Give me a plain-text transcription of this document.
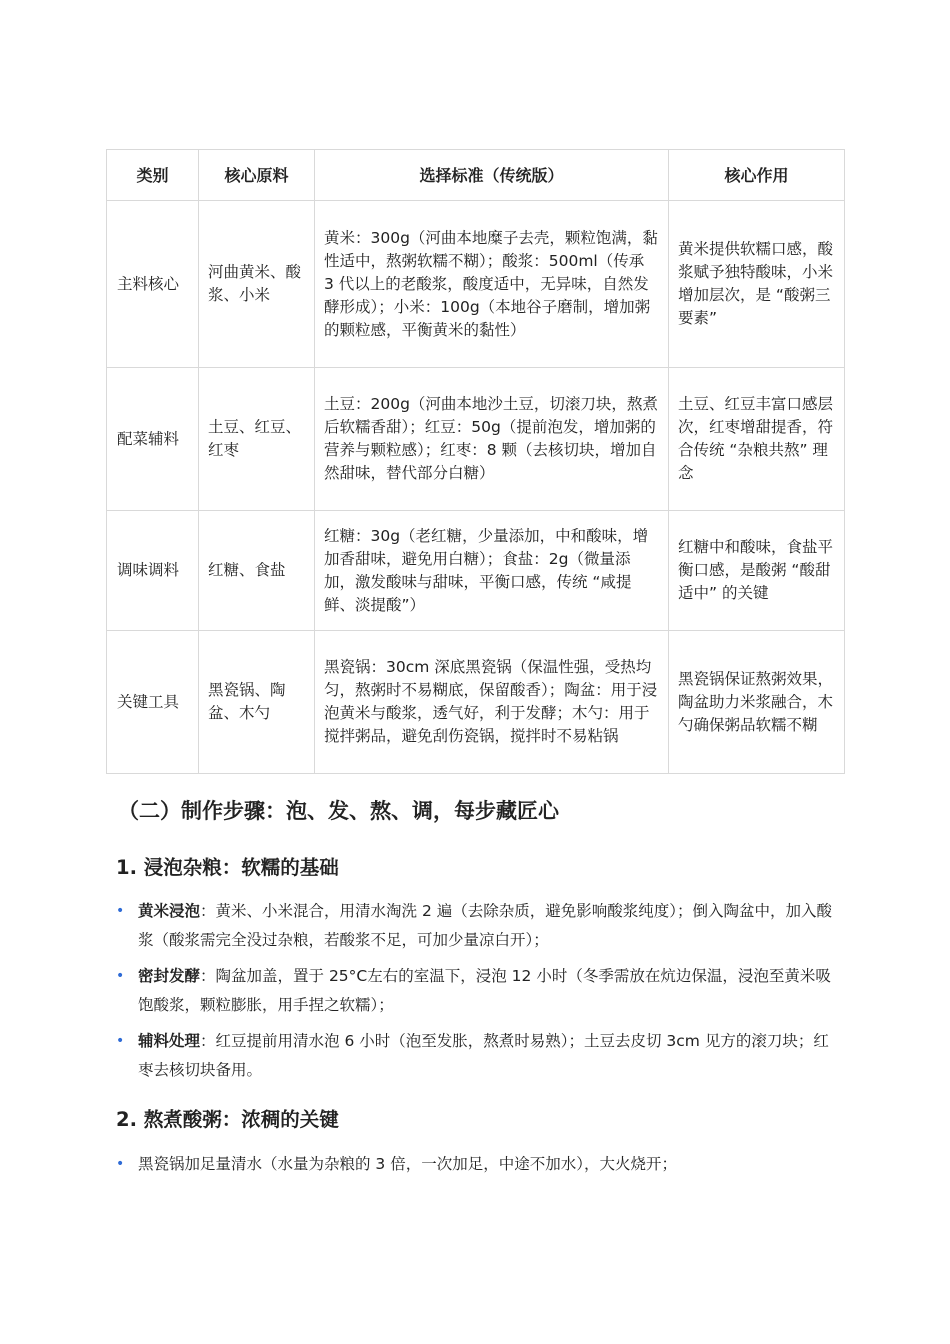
类别	核心原料	选择标准（传统版）	核心作用
主料核心	河曲黄米、酸浆、小米	黄米：300g（河曲本地糜子去壳，颗粒饱满，黏性适中，熬粥软糯不糊）；酸浆：500ml（传承 3 代以上的老酸浆，酸度适中，无异味，自然发酵形成）；小米：100g（本地谷子磨制，增加粥的颗粒感，平衡黄米的黏性）	黄米提供软糯口感，酸浆赋予独特酸味，小米增加层次，是 “酸粥三要素”
配菜辅料	土豆、红豆、红枣	土豆：200g（河曲本地沙土豆，切滚刀块，熬煮后软糯香甜）；红豆：50g（提前泡发，增加粥的营养与颗粒感）；红枣：8 颗（去核切块，增加自然甜味，替代部分白糖）	土豆、红豆丰富口感层次，红枣增甜提香，符合传统 “杂粮共熬” 理念
调味调料	红糖、食盐	红糖：30g（老红糖，少量添加，中和酸味，增加香甜味，避免用白糖）；食盐：2g（微量添加，激发酸味与甜味，平衡口感，传统 “咸提鲜、淡提酸”）	红糖中和酸味，食盐平衡口感，是酸粥 “酸甜适中” 的关键
关键工具	黑瓷锅、陶盆、木勺	黑瓷锅：30cm 深底黑瓷锅（保温性强，受热均匀，熬粥时不易糊底，保留酸香）；陶盆：用于浸泡黄米与酸浆，透气好，利于发酵；木勺：用于搅拌粥品，避免刮伤瓷锅，搅拌时不易粘锅	黑瓷锅保证熬粥效果，陶盆助力米浆融合，木勺确保粥品软糯不糊
（二）制作步骤：泡、发、熬、调，每步藏匠心
1. 浸泡杂粮：软糯的基础
• 黄米浸泡：黄米、小米混合，用清水淘洗 2 遍（去除杂质，避免影响酸浆纯度）；倒入陶盆中，加入酸浆（酸浆需完全没过杂粮，若酸浆不足，可加少量凉白开）；
• 密封发酵：陶盆加盖，置于 25°C左右的室温下，浸泡 12 小时（冬季需放在炕边保温，浸泡至黄米吸饱酸浆，颗粒膨胀，用手捏之软糯）；
• 辅料处理：红豆提前用清水泡 6 小时（泡至发胀，熬煮时易熟）；土豆去皮切 3cm 见方的滚刀块；红枣去核切块备用。
2. 熬煮酸粥：浓稠的关键
• 黑瓷锅加足量清水（水量为杂粮的 3 倍，一次加足，中途不加水），大火烧开；
